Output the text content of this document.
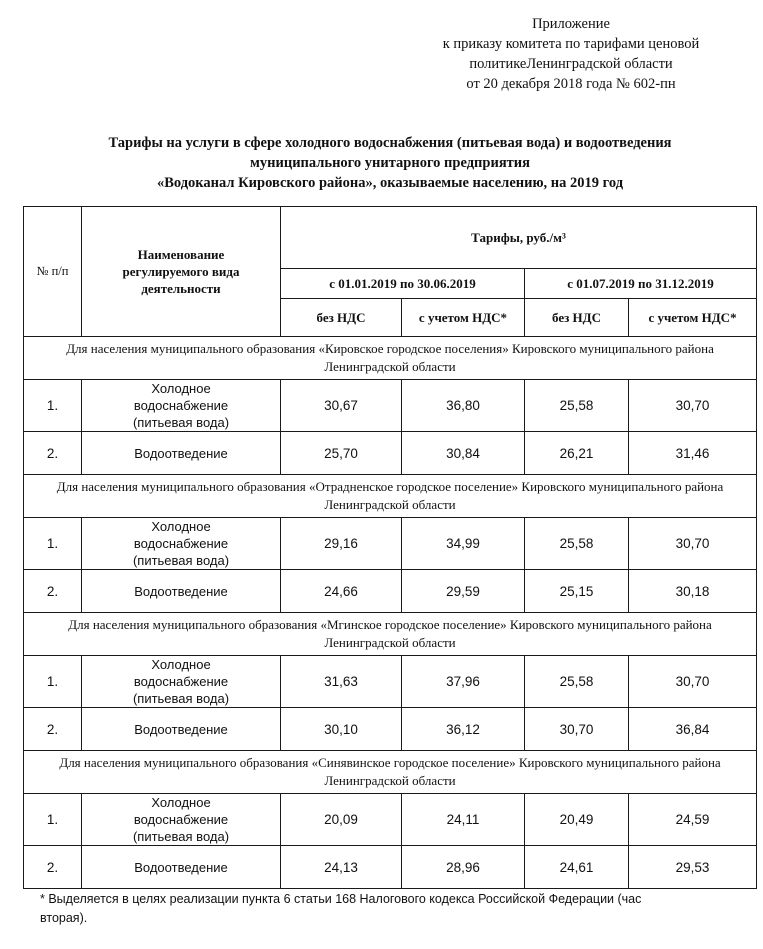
Приложение
к приказу комитета по тарифами ценовой
политикеЛенинградской области
от 20 декабря 2018 года № 602-пн
Тарифы на услуги в сфере холодного водоснабжения (питьевая вода) и водоотведения
муниципального унитарного предприятия
«Водоканал Кировского района», оказываемые населению, на 2019 год
№ п/п	Наименование регулируемого вида деятельности	Тарифы, руб./м³			
		с 01.01.2019 по 30.06.2019		с 01.07.2019 по 31.12.2019	
		без НДС	с учетом НДС*	без НДС	с учетом НДС*
Для населения муниципального образования «Кировское городское поселения» Кировского муниципального района Ленинградской области					
1.	Холодное водоснабжение (питьевая вода)	30,67	36,80	25,58	30,70
2.	Водоотведение	25,70	30,84	26,21	31,46
Для населения муниципального образования «Отрадненское городское поселение» Кировского муниципального района Ленинградской области					
1.	Холодное водоснабжение (питьевая вода)	29,16	34,99	25,58	30,70
2.	Водоотведение	24,66	29,59	25,15	30,18
Для населения муниципального образования «Мгинское городское поселение» Кировского муниципального района Ленинградской области					
1.	Холодное водоснабжение (питьевая вода)	31,63	37,96	25,58	30,70
2.	Водоотведение	30,10	36,12	30,70	36,84
Для населения муниципального образования «Синявинское городское поселение» Кировского муниципального района Ленинградской области					
1.	Холодное водоснабжение (питьевая вода)	20,09	24,11	20,49	24,59
2.	Водоотведение	24,13	28,96	24,61	29,53
* Выделяется в целях реализации пункта 6 статьи 168 Налогового кодекса Российской Федерации (час
вторая).
